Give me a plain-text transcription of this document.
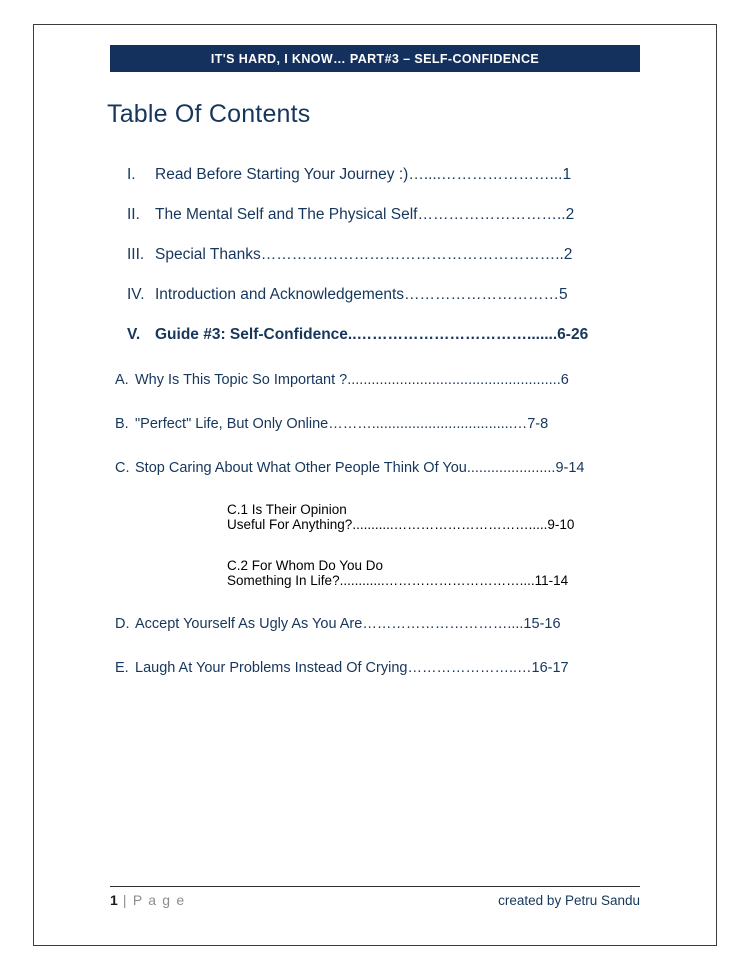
IT'S HARD, I KNOW… PART#3 – SELF-CONFIDENCE
Table Of Contents
I.	Read Before Starting Your Journey :)…....…………………...1
II. The Mental Self and The Physical Self………………………..2
III. Special Thanks…………………………………………………..2
IV. Introduction and Acknowledgements…………………………5
V. Guide #3: Self-Confidence..…………………………….......6-26
A. Why Is This Topic So Important ?.....................................................6
B. "Perfect" Life, But Only Online………...................................…7-8
C. Stop Caring About What Other People Think Of You......................9-14
C.1 Is Their Opinion
Useful For Anything?...........………………………….....9-10
C.2 For Whom Do You Do
Something In Life?............…………………………....11-14
D. Accept Yourself As Ugly As You Are…………………………....15-16
E. Laugh At Your Problems Instead Of Crying…………………..…16-17
1 | P a g e	created by Petru Sandu
